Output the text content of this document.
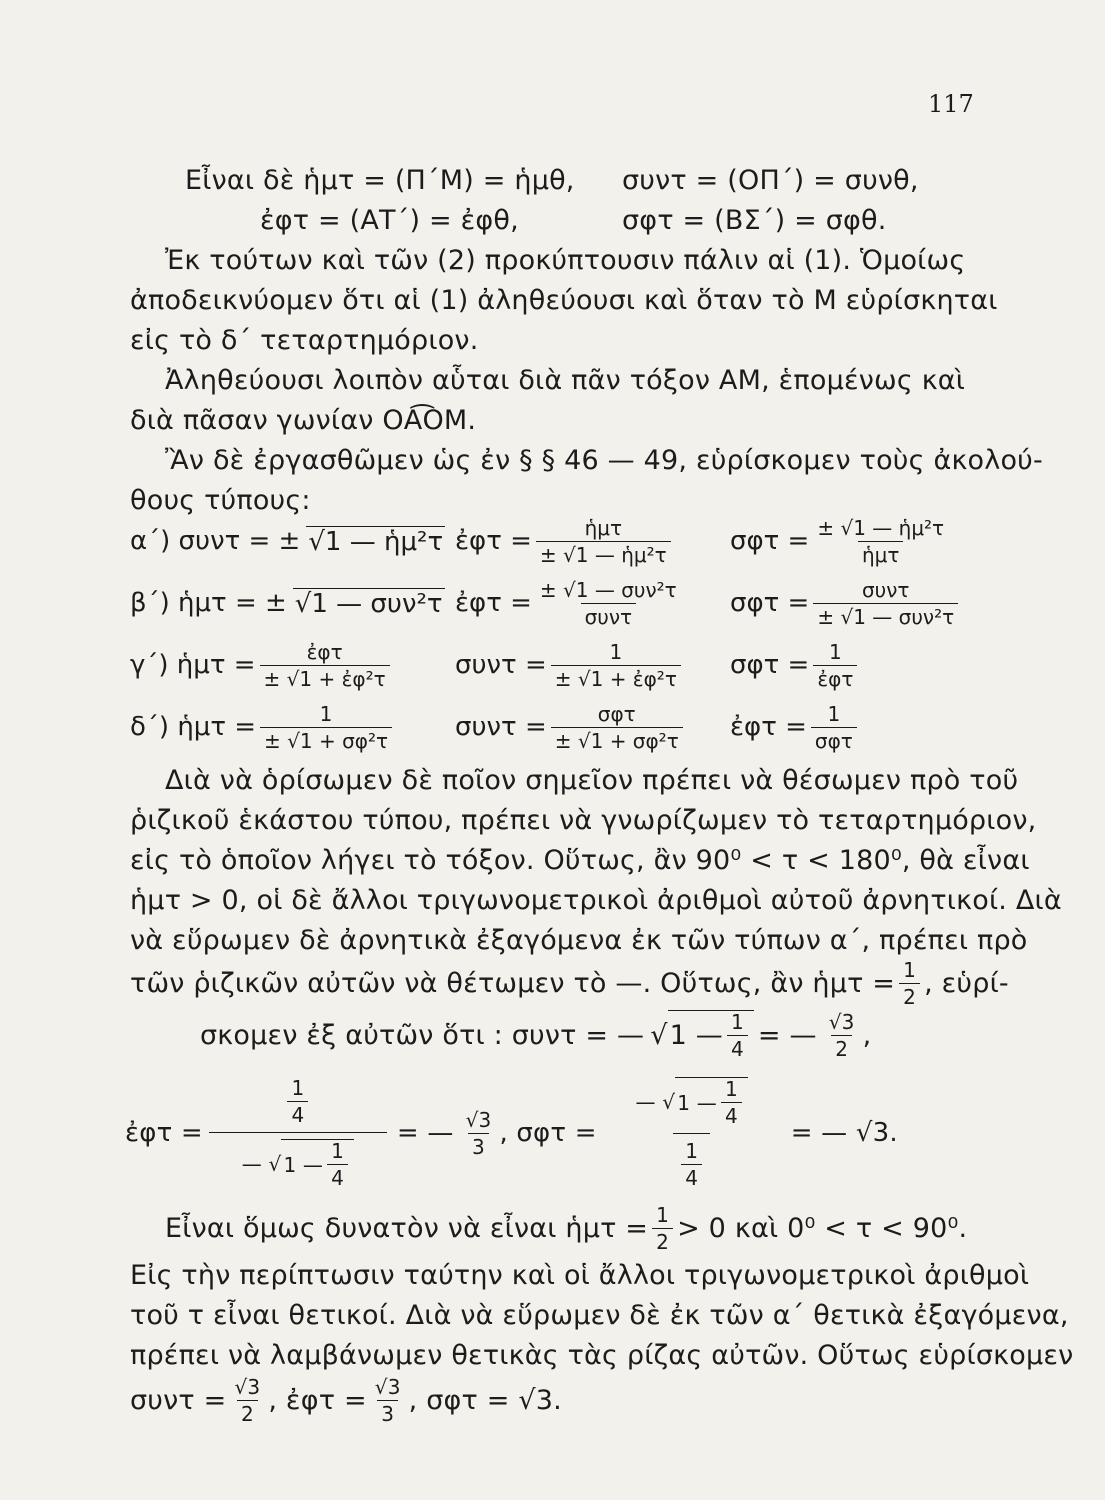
117
Εἶναι δὲ ἡμτ = (Π΄Μ) = ἡμθ, συντ = (ΟΠ΄) = συνθ,
ἐφτ = (ΑΤ΄) = ἐφθ,	σφτ = (ΒΣ΄) = σφθ.
Ἐκ τούτων καὶ τῶν (2) προκύπτουσιν πάλιν αἱ (1). Ὁμοίως
ἀποδεικνύομεν ὅτι αἱ (1) ἀληθεύουσι καὶ ὅταν τὸ Μ εὑρίσκηται
εἰς τὸ δ΄ τεταρτημόριον.
Ἀληθεύουσι λοιπὸν αὗται διὰ πᾶν τόξον ΑΜ, ἑπομένως καὶ
διὰ πᾶσαν γωνίαν ΟΑ͡ΟΜ.
Ἂν δὲ ἐργασθῶμεν ὡς ἐν § § 46 — 49, εὑρίσκομεν τοὺς ἀκολού-
θους τύπους:
α΄) συντ = ± √1 — ἡμ²τ ἐφτ = $\frac{\text{ἡμτ}}{\text{± √1 — ἡμ²τ}}$ $\sigma\varphi\tau = \frac{\text{± √1 — ἡμ²τ}}{\text{ἡμτ}}$
β΄) ἡμτ = ± √1 — συν²τ ἐφτ = $\frac{\text{± √1 — συν²τ}}{\text{συντ}}$ $\sigma\varphi\tau = \frac{\text{συντ}}{\text{± √1 — συν²τ}}$
γ΄) ἡμτ = $\frac{\text{ἐφτ}}{\text{± √1 + ἐφ²τ}}$	$\sigma\upsilon\nu\tau = \frac{1}{\text{± √1 + ἐφ²τ}}$ $\sigma\varphi\tau = \frac{1}{\text{ἐφτ}}$
δ΄) ἡμτ = $\frac{1}{\text{± √1 + σφ²τ}}$ $\sigma\upsilon\nu\tau = \frac{\text{σφτ}}{\text{± √1 + σφ²τ}}$ ἐφτ = $\frac{1}{\text{σφτ}}$
Διὰ νὰ ὁρίσωμεν δὲ ποῖον σημεῖον πρέπει νὰ θέσωμεν πρὸ τοῦ
ῥιζικοῦ ἑκάστου τύπου, πρέπει νὰ γνωρίζωμεν τὸ τεταρτημόριον,
εἰς τὸ ὁποῖον λήγει τὸ τόξον. Οὕτως, ἂν 90⁰ < τ < 180⁰, θὰ εἶναι
ἡμτ > 0, οἱ δὲ ἄλλοι τριγωνομετρικοὶ ἀριθμοὶ αὐτοῦ ἀρνητικοί. Διὰ
νὰ εὕρωμεν δὲ ἀρνητικὰ ἐξαγόμενα ἐκ τῶν τύπων α΄, πρέπει πρὸ
τῶν ῥιζικῶν αὐτῶν νὰ θέτωμεν τὸ —. Οὕτως, ἂν ἡμτ = $\frac{1}{2}$ , εὑρί-
σκομεν ἐξ αὐτῶν ὅτι : συντ = — √ 1 — $\frac{1}{4}$ = — $\frac{√3}{2}$ ,
ἐφτ = $\frac{\frac{1}{4}}{— √ 1 — \frac{1}{4}}$ = — $\frac{√3}{3}$ , $\sigma\varphi\tau = \frac{— √ 1 — \frac{1}{4}}{\frac{1}{4}}$ = — √3.
Εἶναι ὅμως δυνατὸν νὰ εἶναι ἡμτ = $\frac{1}{2} > 0$ καὶ 0⁰ < τ < 90⁰.
Εἰς τὴν περίπτωσιν ταύτην καὶ οἱ ἄλλοι τριγωνομετρικοὶ ἀριθμοὶ
τοῦ τ εἶναι θετικοί. Διὰ νὰ εὕρωμεν δὲ ἐκ τῶν α΄ θετικὰ ἐξαγόμενα,
πρέπει νὰ λαμβάνωμεν θετικὰς τὰς ρίζας αὐτῶν. Οὕτως εὑρίσκομεν
$\sigma\upsilon\nu\tau = \frac{√3}{2}$ , ἐφτ = $\frac{√3}{3}$ , σφτ = √3.
